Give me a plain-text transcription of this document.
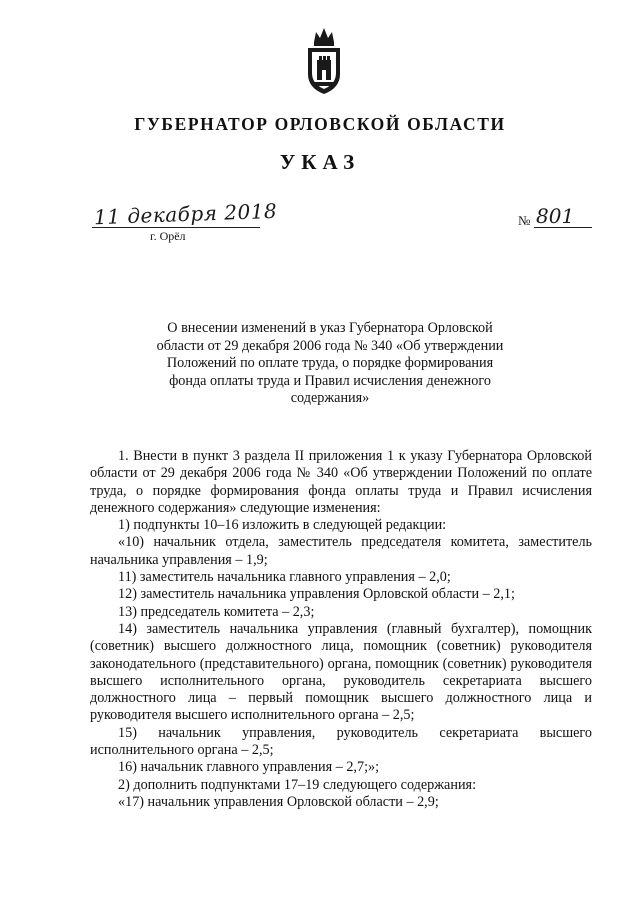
ГУБЕРНАТОР ОРЛОВСКОЙ ОБЛАСТИ
УКАЗ
11 декабря 2018
г. Орёл
№ 801
О внесении изменений в указ Губернатора Орловской области от 29 декабря 2006 года № 340 «Об утверждении Положений по оплате труда, о порядке формирования фонда оплаты труда и Правил исчисления денежного содержания»

1. Внести в пункт 3 раздела II приложения 1 к указу Губернатора Орловской области от 29 декабря 2006 года № 340 «Об утверждении Положений по оплате труда, о порядке формирования фонда оплаты труда и Правил исчисления денежного содержания» следующие изменения:

1) подпункты 10–16 изложить в следующей редакции:

«10) начальник отдела, заместитель председателя комитета, заместитель начальника управления – 1,9;

11) заместитель начальника главного управления – 2,0;

12) заместитель начальника управления Орловской области – 2,1;

13) председатель комитета – 2,3;

14) заместитель начальника управления (главный бухгалтер), помощник (советник) высшего должностного лица, помощник (советник) руководителя законодательного (представительного) органа, помощник (советник) руководителя высшего исполнительного органа, руководитель секретариата высшего должностного лица – первый помощник высшего должностного лица и руководителя высшего исполнительного органа – 2,5;

15) начальник управления, руководитель секретариата высшего исполнительного органа – 2,5;

16) начальник главного управления – 2,7;»;

2) дополнить подпунктами 17–19 следующего содержания:

«17) начальник управления Орловской области – 2,9;
